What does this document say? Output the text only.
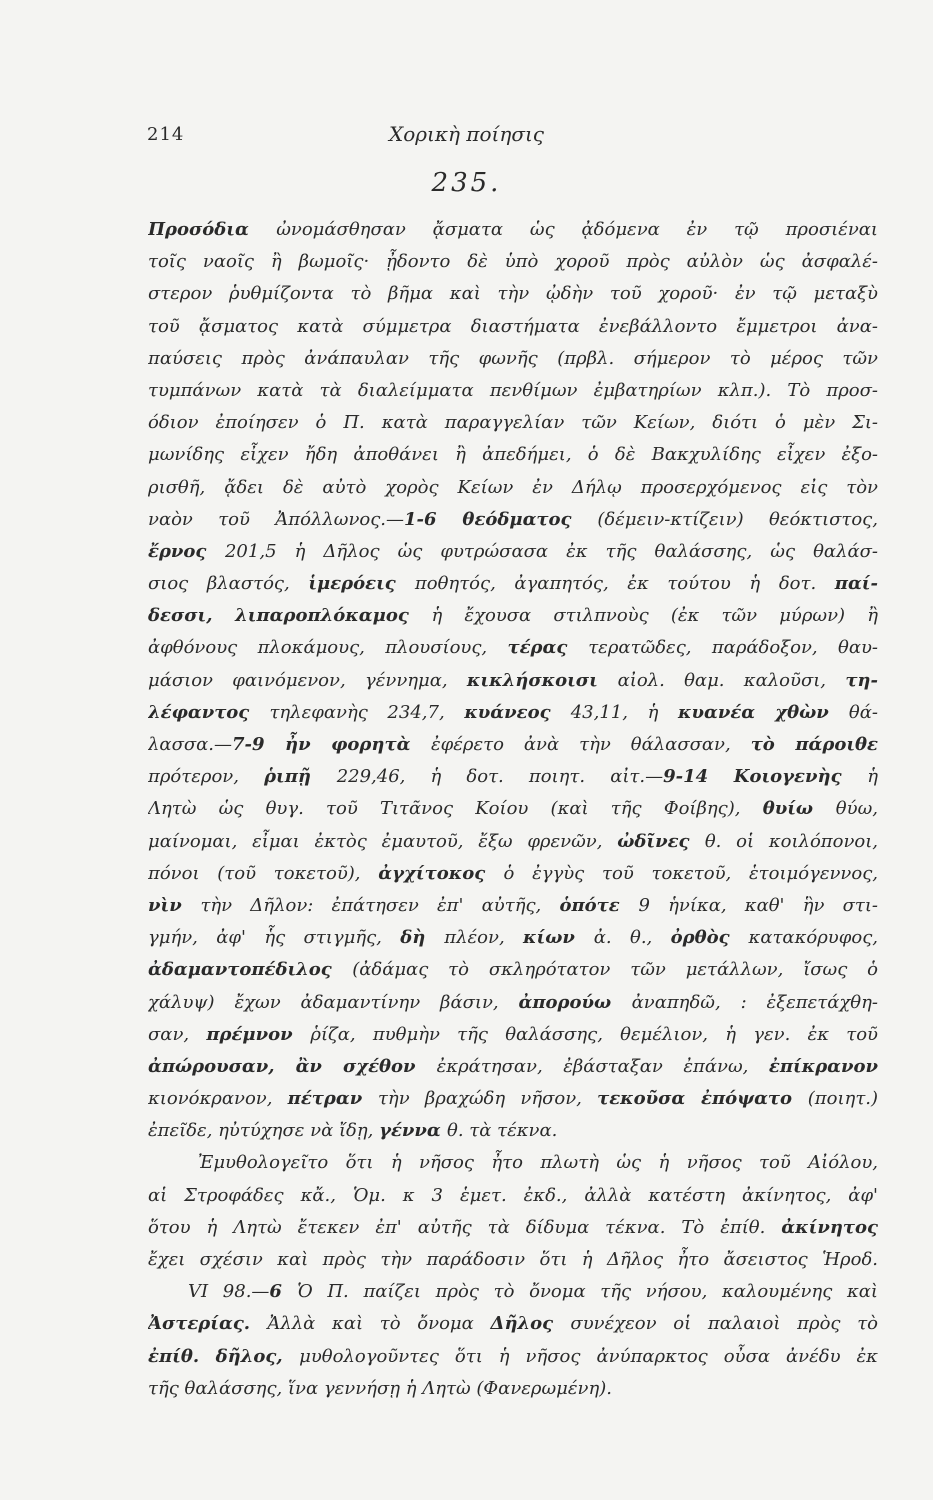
214	Χορικὴ ποίησις
235.
Προσόδια ὠνομάσθησαν ᾄσματα ὡς ᾀδόμενα ἐν τῷ προσιέναι
τοῖς ναοῖς ἢ βωμοῖς· ᾖδοντο δὲ ὑπὸ χοροῦ πρὸς αὐλὸν ὡς ἀσφαλέ-
στερον ῥυθμίζοντα τὸ βῆμα καὶ τὴν ᾠδὴν τοῦ χοροῦ· ἐν τῷ μεταξὺ
τοῦ ᾄσματος κατὰ σύμμετρα διαστήματα ἐνεβάλλοντο ἔμμετροι ἀνα-
παύσεις πρὸς ἀνάπαυλαν τῆς φωνῆς (πρβλ. σήμερον τὸ μέρος τῶν
τυμπάνων κατὰ τὰ διαλείμματα πενθίμων ἐμβατηρίων κλπ.). Τὸ προσ-
όδιον ἐποίησεν ὁ Π. κατὰ παραγγελίαν τῶν Κείων, διότι ὁ μὲν Σι-
μωνίδης εἶχεν ἤδη ἀποθάνει ἢ ἀπεδήμει, ὁ δὲ Βακχυλίδης εἶχεν ἐξο-
ρισθῆ, ᾄδει δὲ αὐτὸ χορὸς Κείων ἐν Δήλῳ προσερχόμενος εἰς τὸν
ναὸν τοῦ Ἀπόλλωνος.—1-6 θεόδματος (δέμειν-κτίζειν) θεόκτιστος,
ἔρνος 201,5 ἡ Δῆλος ὡς φυτρώσασα ἐκ τῆς θαλάσσης, ὡς θαλάσ-
σιος βλαστός, ἱμερόεις ποθητός, ἀγαπητός, ἐκ τούτου ἡ δοτ. παί-
δεσσι, λιπαροπλόκαμος ἡ ἔχουσα στιλπνοὺς (ἐκ τῶν μύρων) ἢ
ἀφθόνους πλοκάμους, πλουσίους, τέρας τερατῶδες, παράδοξον, θαυ-
μάσιον φαινόμενον, γέννημα, κικλήσκοισι αἰολ. θαμ. καλοῦσι, τη-
λέφαντος τηλεφανὴς 234,7, κυάνεος 43,11, ἡ κυανέα χθὼν θά-
λασσα.—7-9 ἦν φορητὰ ἐφέρετο ἀνὰ τὴν θάλασσαν, τὸ πάροιθε
πρότερον, ῥιπῇ 229,46, ἡ δοτ. ποιητ. αἰτ.—9-14 Κοιογενὴς ἡ
Λητὼ ὡς θυγ. τοῦ Τιτᾶνος Κοίου (καὶ τῆς Φοίβης), θυίω θύω,
μαίνομαι, εἶμαι ἐκτὸς ἐμαυτοῦ, ἔξω φρενῶν, ὠδῖνες θ. οἱ κοιλόπονοι,
πόνοι (τοῦ τοκετοῦ), ἀγχίτοκος ὁ ἐγγὺς τοῦ τοκετοῦ, ἑτοιμόγεννος,
νὶν τὴν Δῆλον: ἐπάτησεν ἐπ' αὐτῆς, ὁπότε 9 ἡνίκα, καθ' ἣν στι-
γμήν, ἀφ' ἧς στιγμῆς, δὴ πλέον, κίων ἀ. θ., ὀρθὸς κατακόρυφος,
ἀδαμαντοπέδιλος (ἀδάμας τὸ σκληρότατον τῶν μετάλλων, ἴσως ὁ
χάλυψ) ἔχων ἀδαμαντίνην βάσιν, ἀπορούω ἀναπηδῶ, : ἐξεπετάχθη-
σαν, πρέμνον ῥίζα, πυθμὴν τῆς θαλάσσης, θεμέλιον, ἡ γεν. ἐκ τοῦ
ἀπώρουσαν, ἂν σχέθον ἐκράτησαν, ἐβάσταξαν ἐπάνω, ἐπίκρανον
κιονόκρανον, πέτραν τὴν βραχώδη νῆσον, τεκοῦσα ἐπόψατο (ποιητ.)
ἐπεῖδε, ηὐτύχησε νὰ ἴδῃ, γέννα θ. τὰ τέκνα.
Ἐμυθολογεῖτο ὅτι ἡ νῆσος ἦτο πλωτὴ ὡς ἡ νῆσος τοῦ Αἰόλου,
αἱ Στροφάδες κἄ., Ὁμ. κ 3 ἑμετ. ἐκδ., ἀλλὰ κατέστη ἀκίνητος, ἀφ'
ὅτου ἡ Λητὼ ἔτεκεν ἐπ' αὐτῆς τὰ δίδυμα τέκνα. Τὸ ἐπίθ. ἀκίνητος
ἔχει σχέσιν καὶ πρὸς τὴν παράδοσιν ὅτι ἡ Δῆλος ἦτο ἄσειστος Ἡροδ.
VI 98.—6 Ὁ Π. παίζει πρὸς τὸ ὄνομα τῆς νήσου, καλουμένης καὶ
Ἀστερίας. Ἀλλὰ καὶ τὸ ὄνομα Δῆλος συνέχεον οἱ παλαιοὶ πρὸς τὸ
ἐπίθ. δῆλος, μυθολογοῦντες ὅτι ἡ νῆσος ἀνύπαρκτος οὖσα ἀνέδυ ἐκ
τῆς θαλάσσης, ἵνα γεννήσῃ ἡ Λητὼ (Φανερωμένη).
